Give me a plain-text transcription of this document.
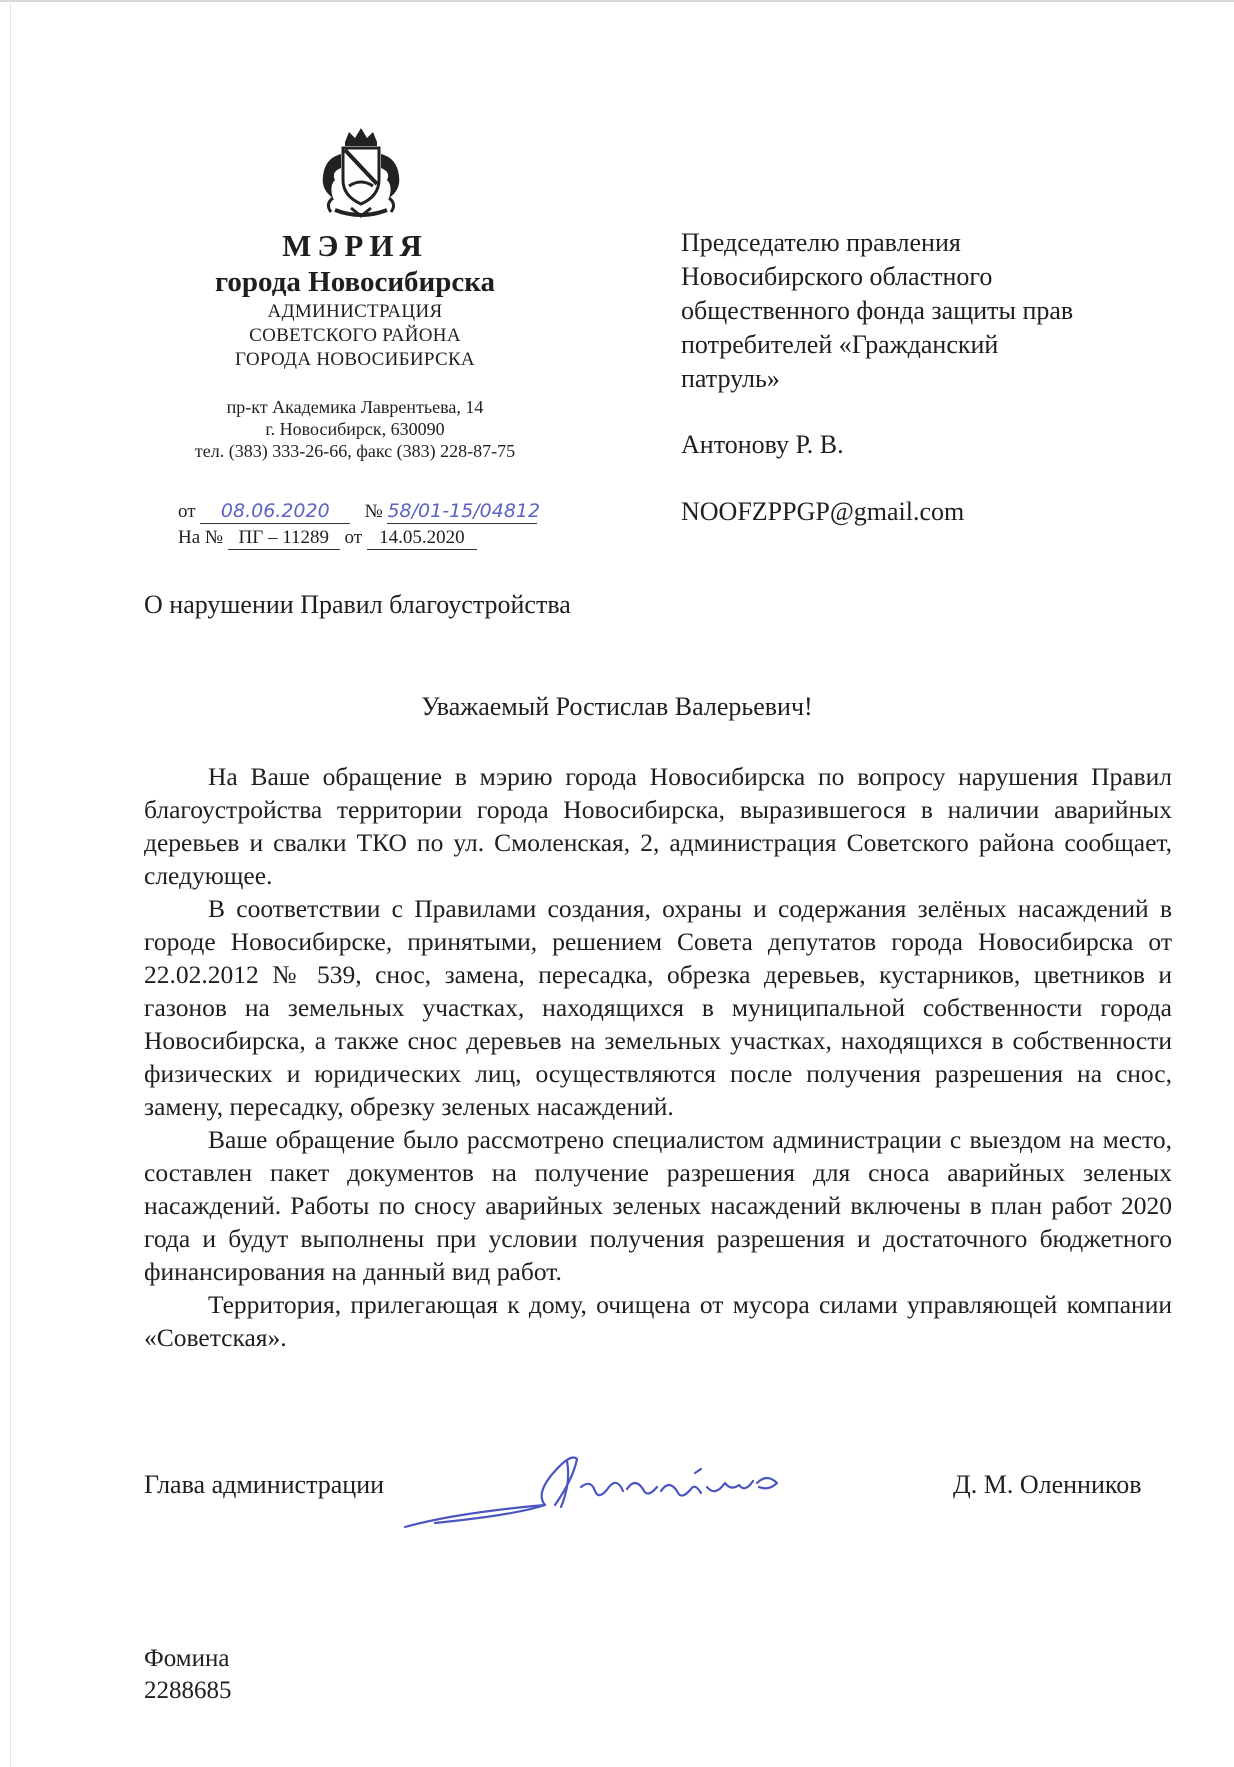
МЭРИЯ
города Новосибирска
АДМИНИСТРАЦИЯ
СОВЕТСКОГО РАЙОНА
ГОРОДА НОВОСИБИРСКА
пр-кт Академика Лаврентьева, 14
г. Новосибирск, 630090
тел. (383) 333-26-66, факс (383) 228-87-75
от 08.06.2020 № 58/01-15/04812
На № ПГ – 11289 от 14.05.2020
Председателю правления
Новосибирского областного
общественного фонда защиты прав
потребителей «Гражданский
патруль»
Антонову Р. В.
NOOFZPPGP@gmail.com
О нарушении Правил благоустройства
Уважаемый Ростислав Валерьевич!

На Ваше обращение в мэрию города Новосибирска по вопросу нарушения Правил благоустройства территории города Новосибирска, выразившегося в наличии аварийных деревьев и свалки ТКО по ул. Смоленская, 2, администрация Советского района сообщает, следующее.

В соответствии с Правилами создания, охраны и содержания зелёных насаждений в городе Новосибирске, принятыми, решением Совета депутатов города Новосибирска от 22.02.2012 № 539, снос, замена, пересадка, обрезка деревьев, кустарников, цветников и газонов на земельных участках, находящихся в муниципальной собственности города Новосибирска, а также снос деревьев на земельных участках, находящихся в собственности физических и юридических лиц, осуществляются после получения разрешения на снос, замену, пересадку, обрезку зеленых насаждений.

Ваше обращение было рассмотрено специалистом администрации с выездом на место, составлен пакет документов на получение разрешения для сноса аварийных зеленых насаждений. Работы по сносу аварийных зеленых насаждений включены в план работ 2020 года и будут выполнены при условии получения разрешения и достаточного бюджетного финансирования на данный вид работ.

Территория, прилегающая к дому, очищена от мусора силами управляющей компании «Советская».

Глава администрации	Д. М. Оленников
Фомина
2288685
